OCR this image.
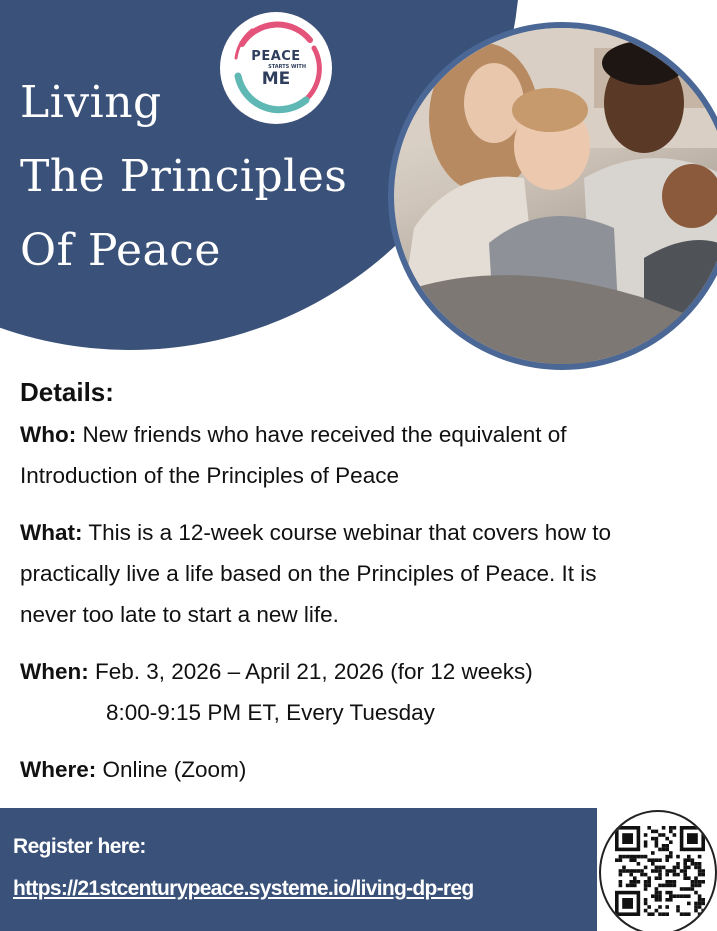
Living
The Principles
Of Peace
PEACE
STARTS WITH
ME
Details:
Who: New friends who have received the equivalent of
Introduction of the Principles of Peace
What: This is a 12-week course webinar that covers how to
practically live a life based on the Principles of Peace. It is
never too late to start a new life.
When: Feb. 3, 2026 – April 21, 2026 (for 12 weeks)

8:00-9:15 PM ET, Every Tuesday
Where: Online (Zoom)
Register here:
https://21stcenturypeace.systeme.io/living-dp-reg
